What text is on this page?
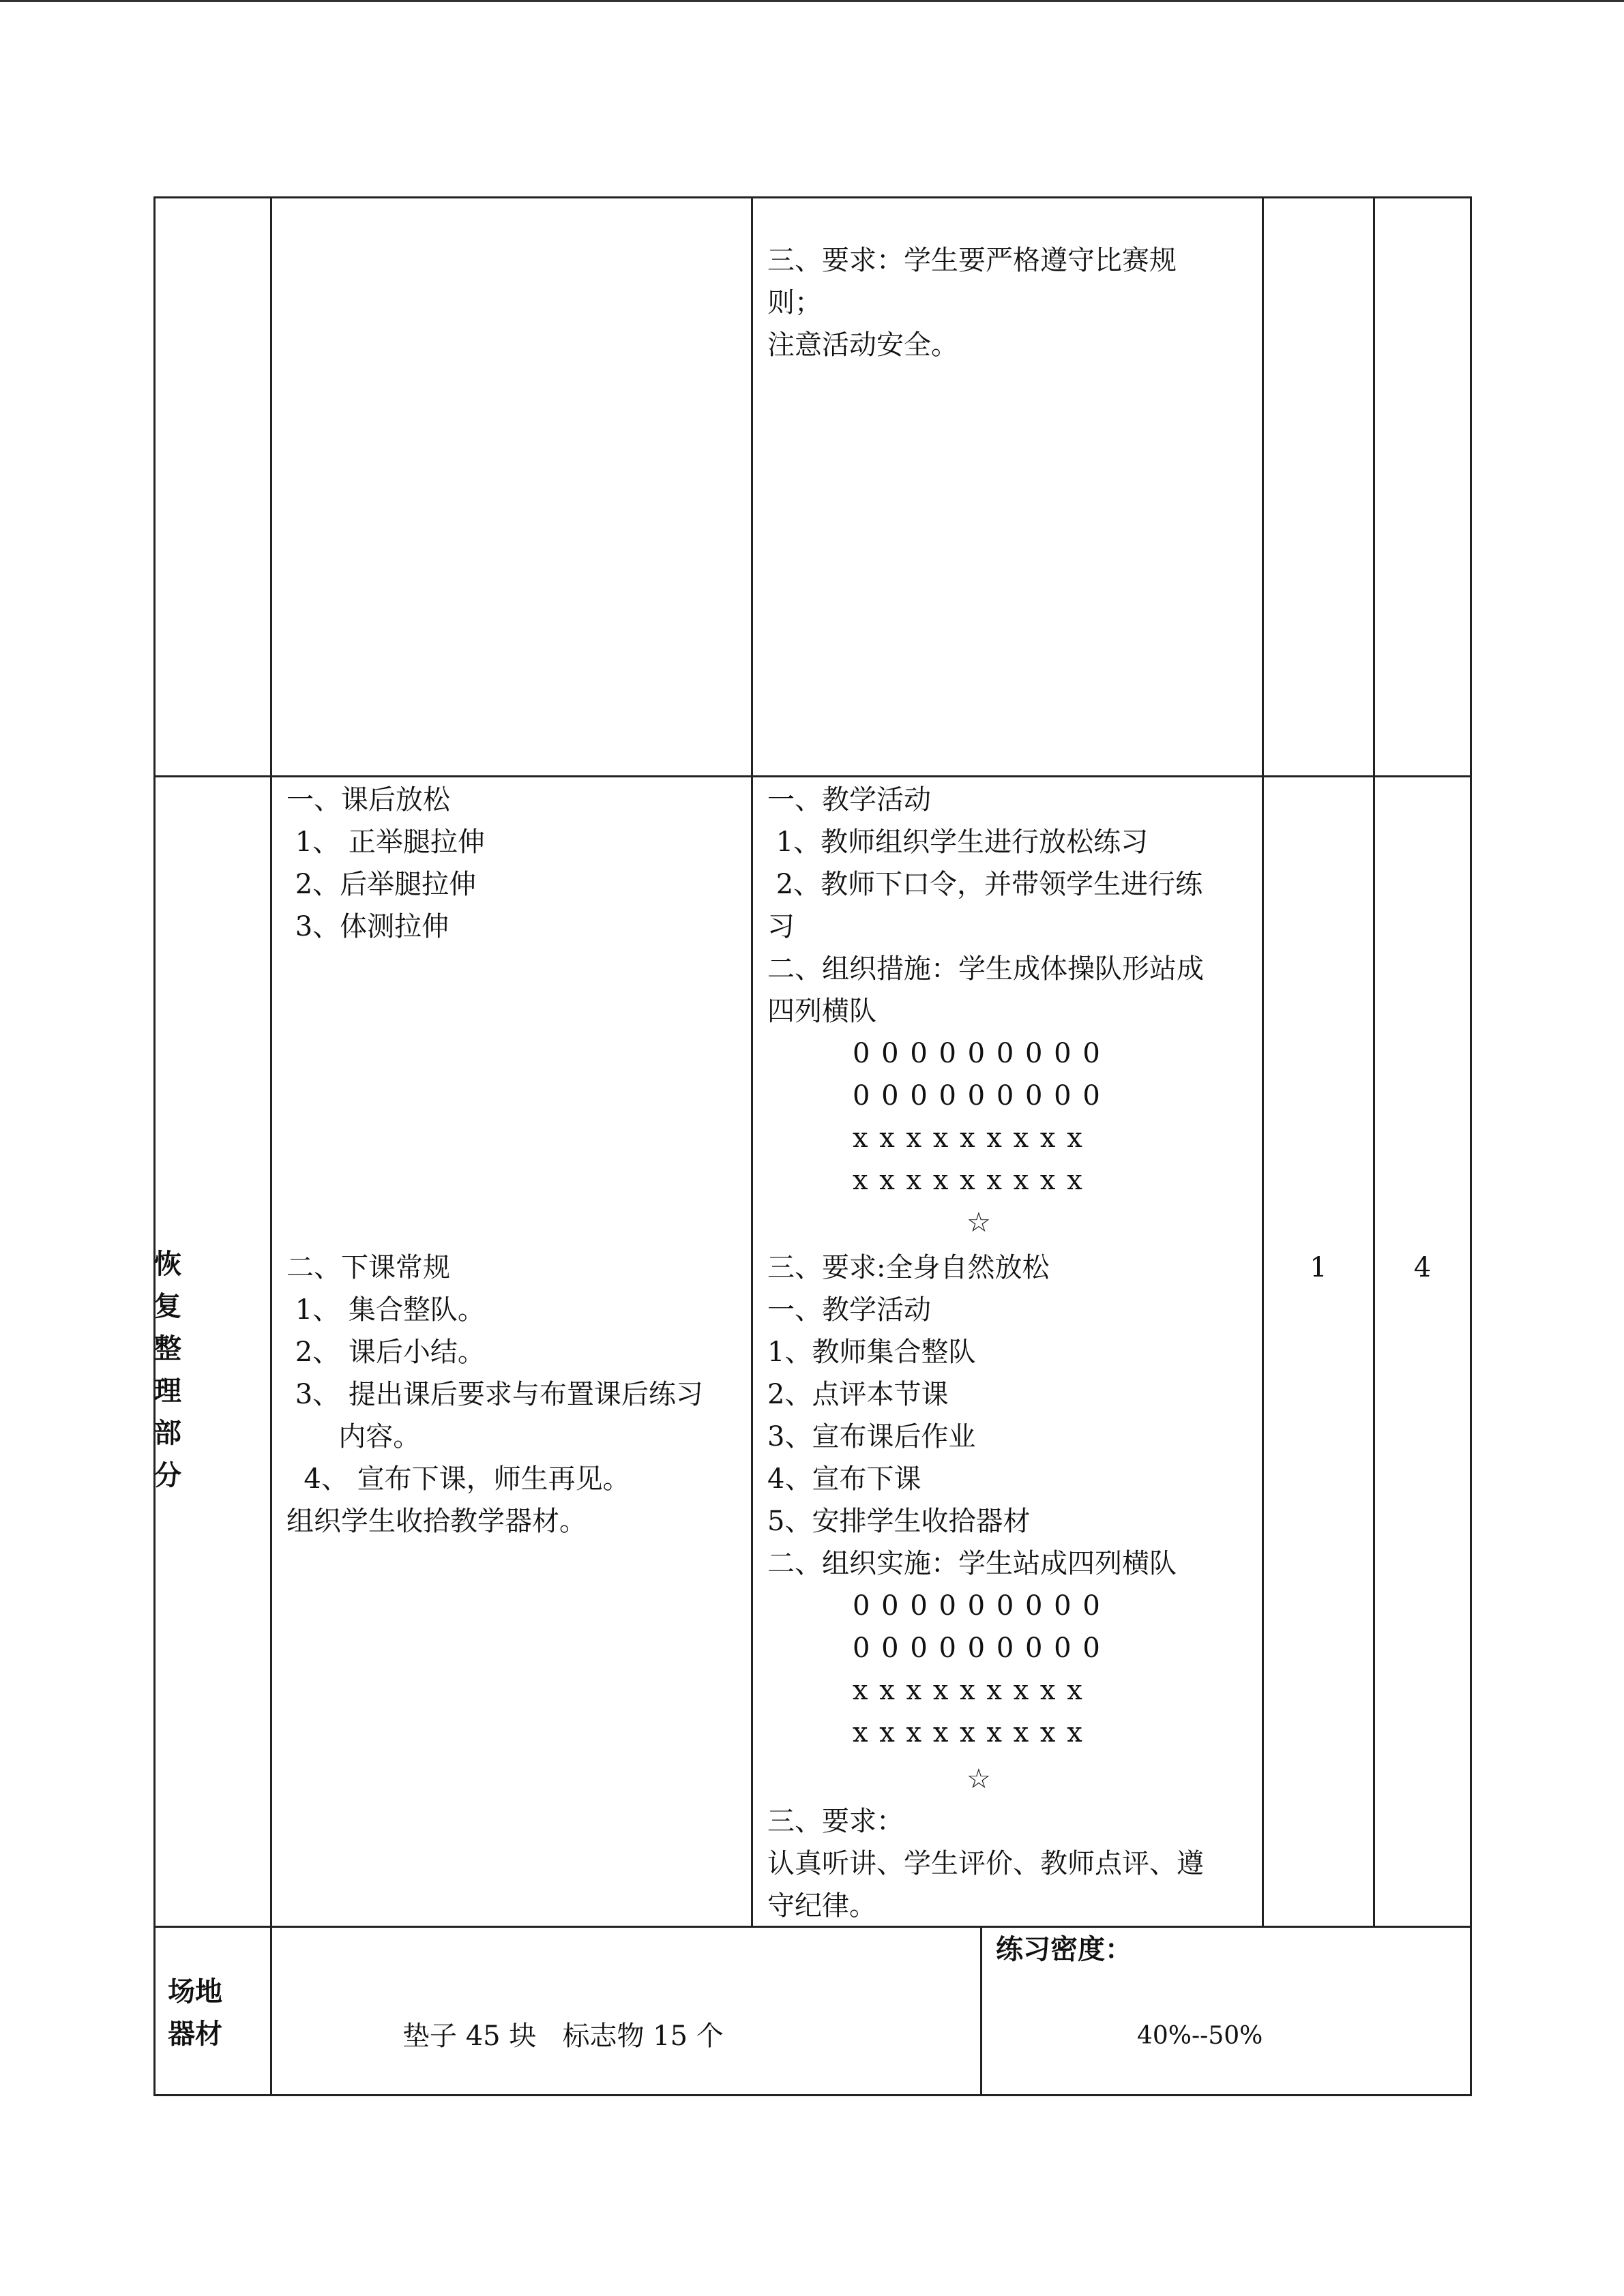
三、要求：学生要严格遵守比赛规
则；
注意活动安全。
恢
复
整
理
部
分
一、课后放松
1、 正举腿拉伸
2、后举腿拉伸
3、体测拉伸
二、下课常规
1、 集合整队。
2、 课后小结。
3、 提出课后要求与布置课后练习
内容。
4、 宣布下课，师生再见。
组织学生收拾教学器材。
一、教学活动
1、教师组织学生进行放松练习
2、教师下口令，并带领学生进行练
习
二、组织措施：学生成体操队形站成
四列横队
0 0 0 0 0 0 0 0 0
0 0 0 0 0 0 0 0 0
x x x x x x x x x
x x x x x x x x x
☆
三、要求:全身自然放松
一、教学活动
1、教师集合整队
2、点评本节课
3、宣布课后作业
4、宣布下课
5、安排学生收拾器材
二、组织实施：学生站成四列横队
0 0 0 0 0 0 0 0 0
0 0 0 0 0 0 0 0 0
x x x x x x x x x
x x x x x x x x x
☆
三、要求：
认真听讲、学生评价、教师点评、遵
守纪律。
1	4
场地
器材	垫子 45 块   标志物 15 个
练习密度：
40%--50%
